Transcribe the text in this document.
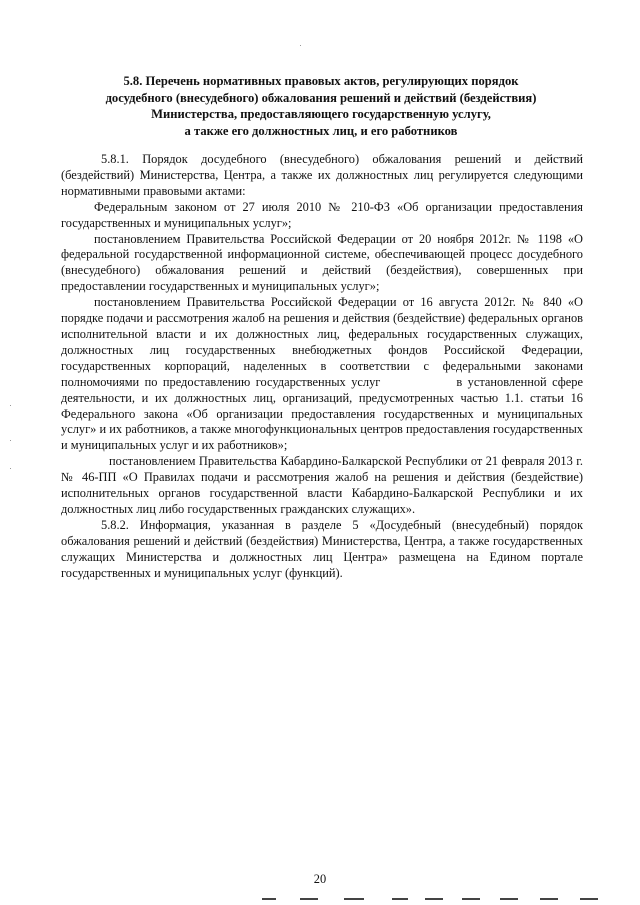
5.8. Перечень нормативных правовых актов, регулирующих порядок
досудебного (внесудебного) обжалования решений и действий (бездействия)
Министерства, предоставляющего государственную услугу,
а также его должностных лиц, и его работников

5.8.1. Порядок досудебного (внесудебного) обжалования решений и действий (бездействий) Министерства, Центра, а также их должностных лиц регулируется следующими нормативными правовыми актами:

Федеральным законом от 27 июля 2010 № 210-ФЗ «Об организации предоставления государственных и муниципальных услуг»;

постановлением Правительства Российской Федерации от 20 ноября 2012г. № 1198 «О федеральной государственной информационной системе, обеспечивающей процесс досудебного (внесудебного) обжалования решений и действий (бездействия), совершенных при предоставлении государственных и муниципальных услуг»;

постановлением Правительства Российской Федерации от 16 августа 2012г. № 840 «О порядке подачи и рассмотрения жалоб на решения и действия (бездействие) федеральных органов исполнительной власти и их должностных лиц, федеральных государственных служащих, должностных лиц государственных внебюджетных фондов Российской Федерации, государственных корпораций, наделенных в соответствии с федеральными законами полномочиями по предоставлению государственных услуг	в установленной сфере деятельности, и их должностных лиц, организаций, предусмотренных частью 1.1. статьи 16 Федерального закона «Об организации предоставления государственных и муниципальных услуг» и их работников, а также многофункциональных центров предоставления государственных и муниципальных услуг и их работников»;

постановлением Правительства Кабардино-Балкарской Республики от 21 февраля 2013 г. № 46-ПП «О Правилах подачи и рассмотрения жалоб на решения и действия (бездействие) исполнительных органов государственной власти Кабардино-Балкарской Республики и их должностных лиц либо государственных гражданских служащих».

5.8.2. Информация, указанная в разделе 5 «Досудебный (внесудебный) порядок обжалования решений и действий (бездействия) Министерства, Центра, а также государственных служащих Министерства и должностных лиц Центра» размещена на Едином портале государственных и муниципальных услуг (функций).

20
